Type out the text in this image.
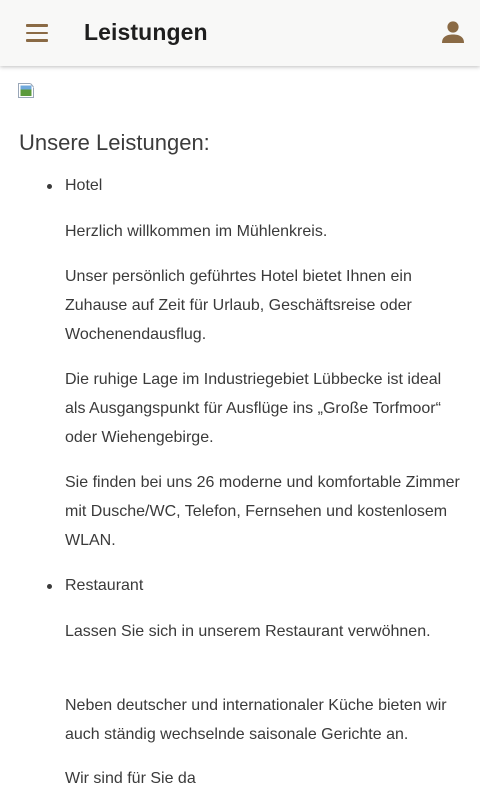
Leistungen
Unsere Leistungen:
Hotel

Herzlich willkommen im Mühlenkreis.

Unser persönlich geführtes Hotel bietet Ihnen ein Zuhause auf Zeit für Urlaub, Geschäftsreise oder Wochenendausflug.

Die ruhige Lage im Industriegebiet Lübbecke ist ideal als Ausgangspunkt für Ausflüge ins „Große Torfmoor“ oder Wiehengebirge.

Sie finden bei uns 26 moderne und komfortable Zimmer mit Dusche/WC, Telefon, Fernsehen und kostenlosem WLAN.

Restaurant

Lassen Sie sich in unserem Restaurant verwöhnen.

Neben deutscher und internationaler Küche bieten wir auch ständig wechselnde saisonale Gerichte an.

Wir sind für Sie da
